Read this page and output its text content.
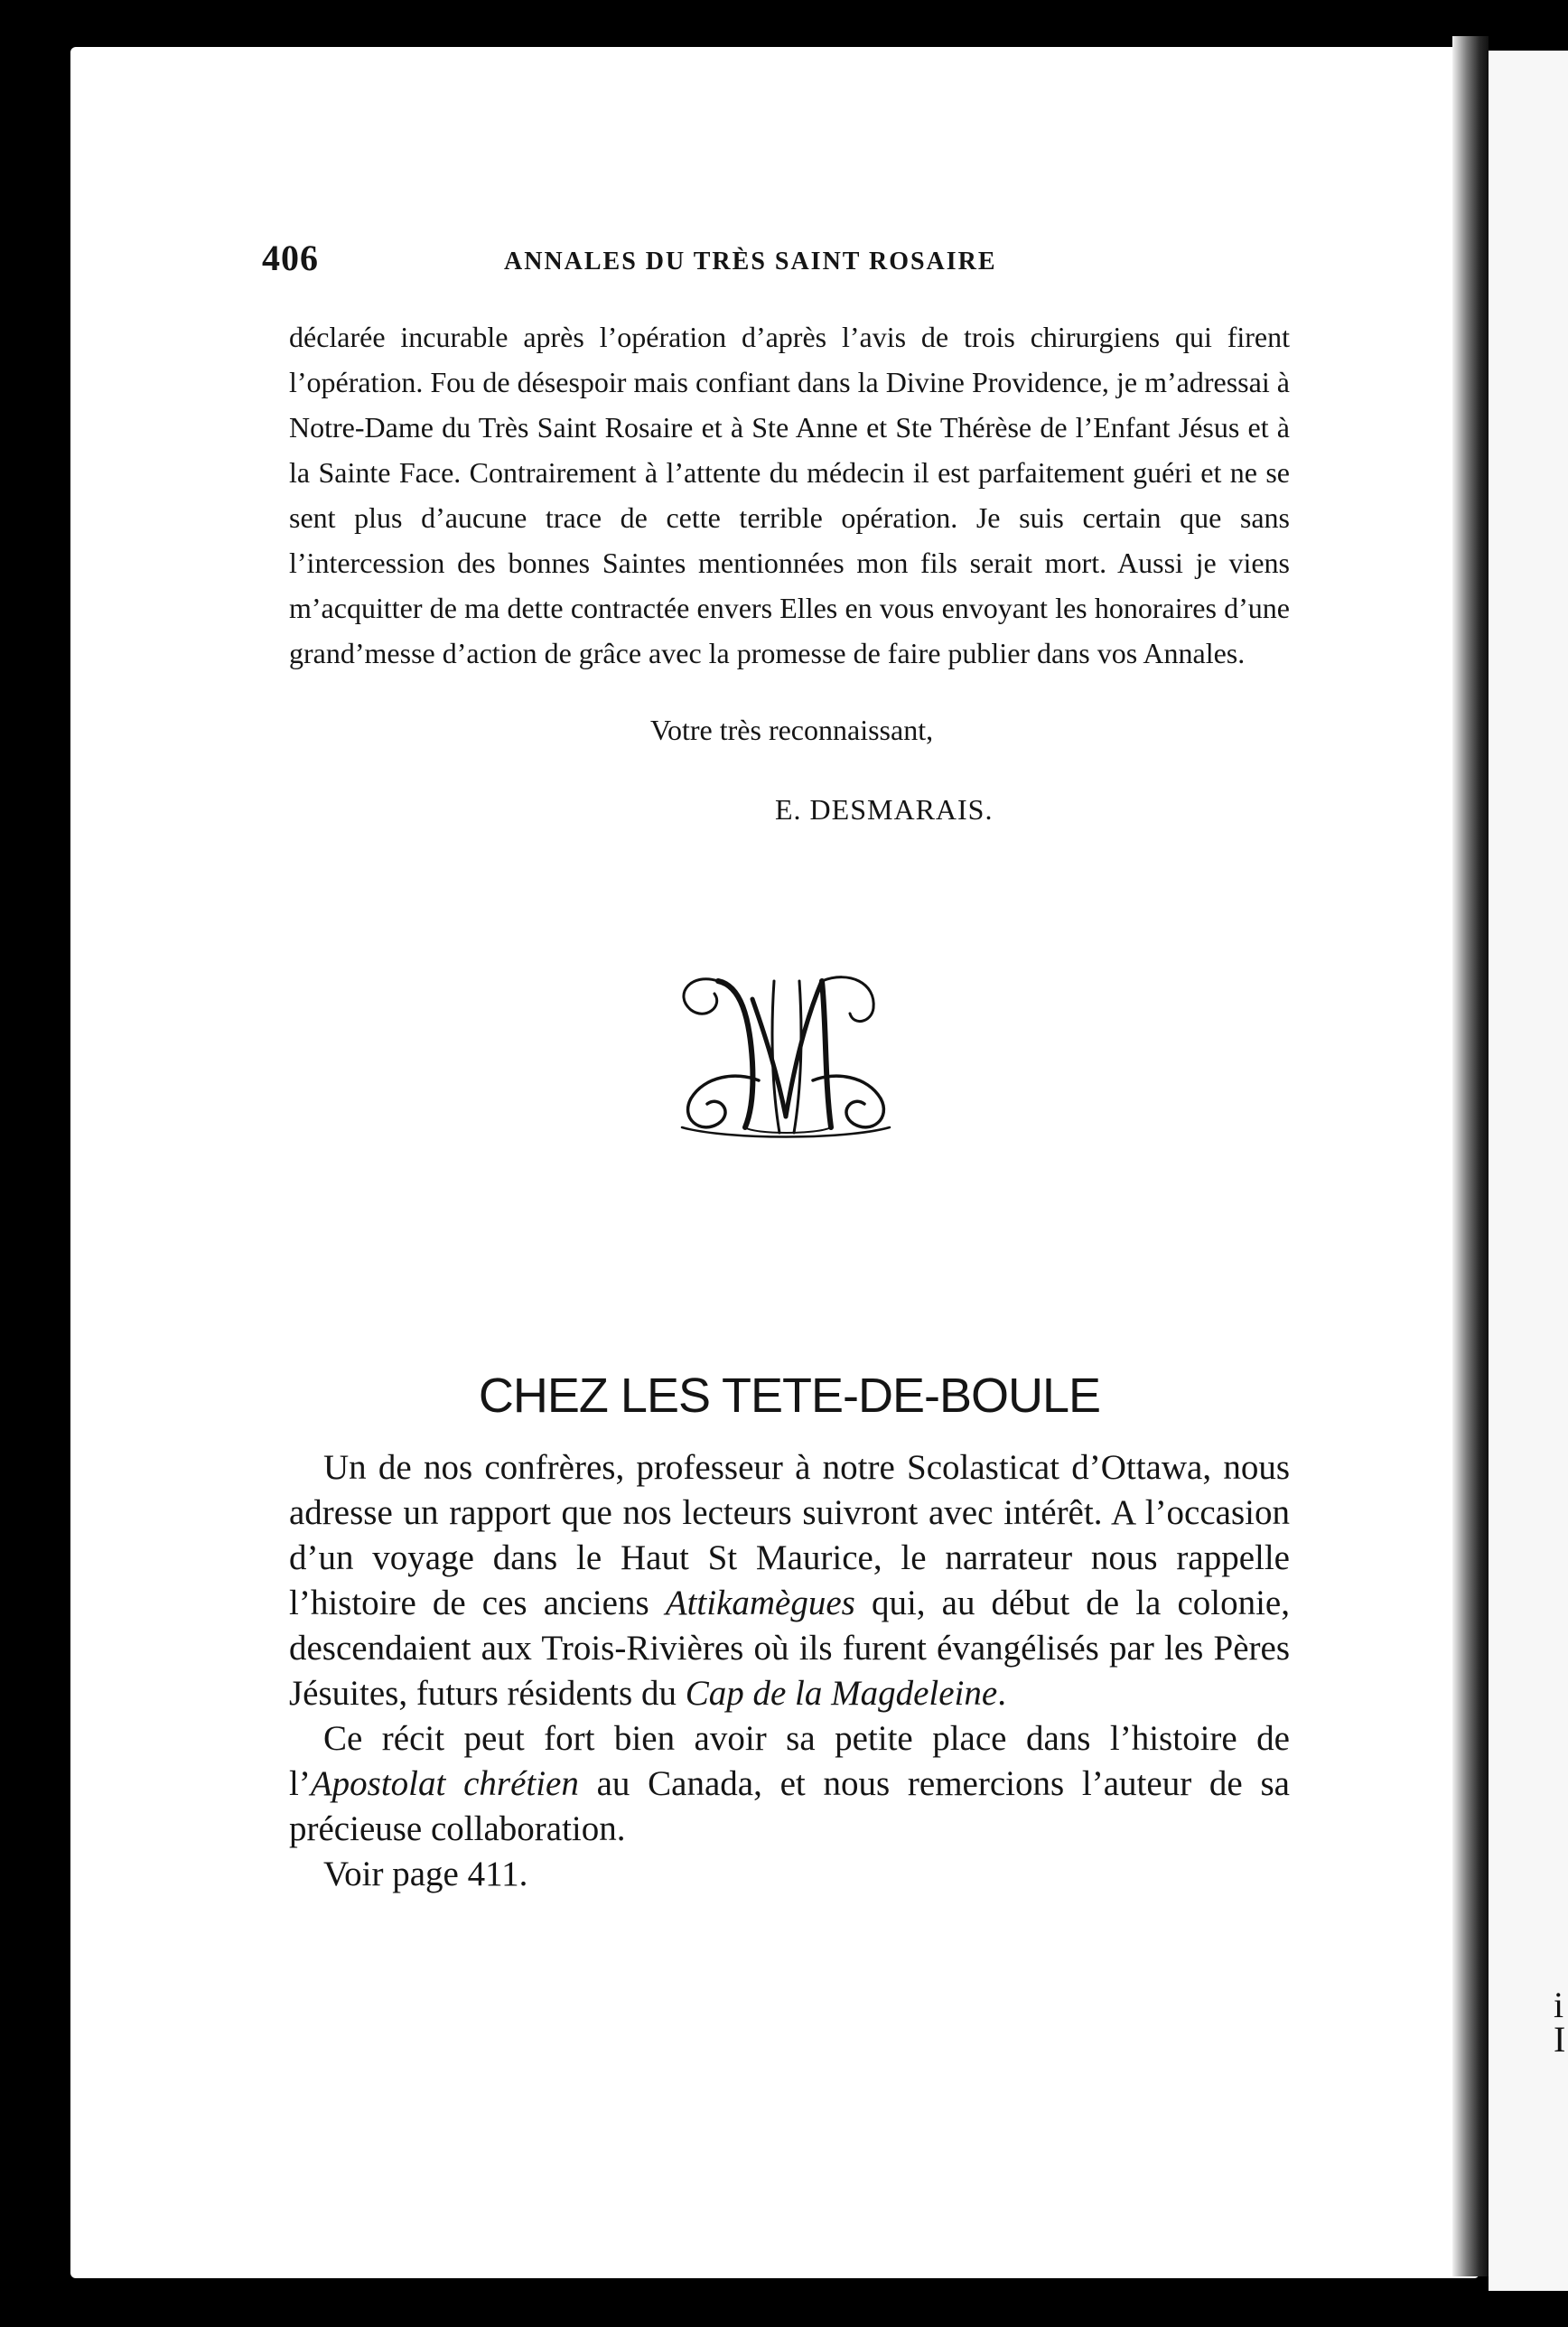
i
I
406	ANNALES DU TRÈS SAINT ROSAIRE

déclarée incurable après l’opération d’après l’avis de trois chirurgiens qui firent l’opération. Fou de désespoir mais confiant dans la Divine Providence, je m’adressai à Notre-Dame du Très Saint Rosaire et à Ste Anne et Ste Thérèse de l’Enfant Jésus et à la Sainte Face. Contrairement à l’attente du médecin il est parfaitement guéri et ne se sent plus d’aucune trace de cette terrible opération. Je suis certain que sans l’intercession des bonnes Saintes mentionnées mon fils serait mort. Aussi je viens m’acquitter de ma dette contractée envers Elles en vous envoyant les honoraires d’une grand’messe d’action de grâce avec la promesse de faire publier dans vos Annales.

Votre très reconnaissant,
E. DESMARAIS.
CHEZ LES TETE-DE-BOULE

Un de nos confrères, professeur à notre Scolasticat d’Ottawa, nous adresse un rapport que nos lecteurs suivront avec intérêt. A l’occasion d’un voyage dans le Haut St Maurice, le narrateur nous rappelle l’histoire de ces anciens Attikamègues qui, au début de la colonie, descendaient aux Trois-Rivières où ils furent évangélisés par les Pères Jésuites, futurs résidents du Cap de la Magdeleine.

Ce récit peut fort bien avoir sa petite place dans l’histoire de l’Apostolat chrétien au Canada, et nous remercions l’auteur de sa précieuse collaboration.

Voir page 411.
